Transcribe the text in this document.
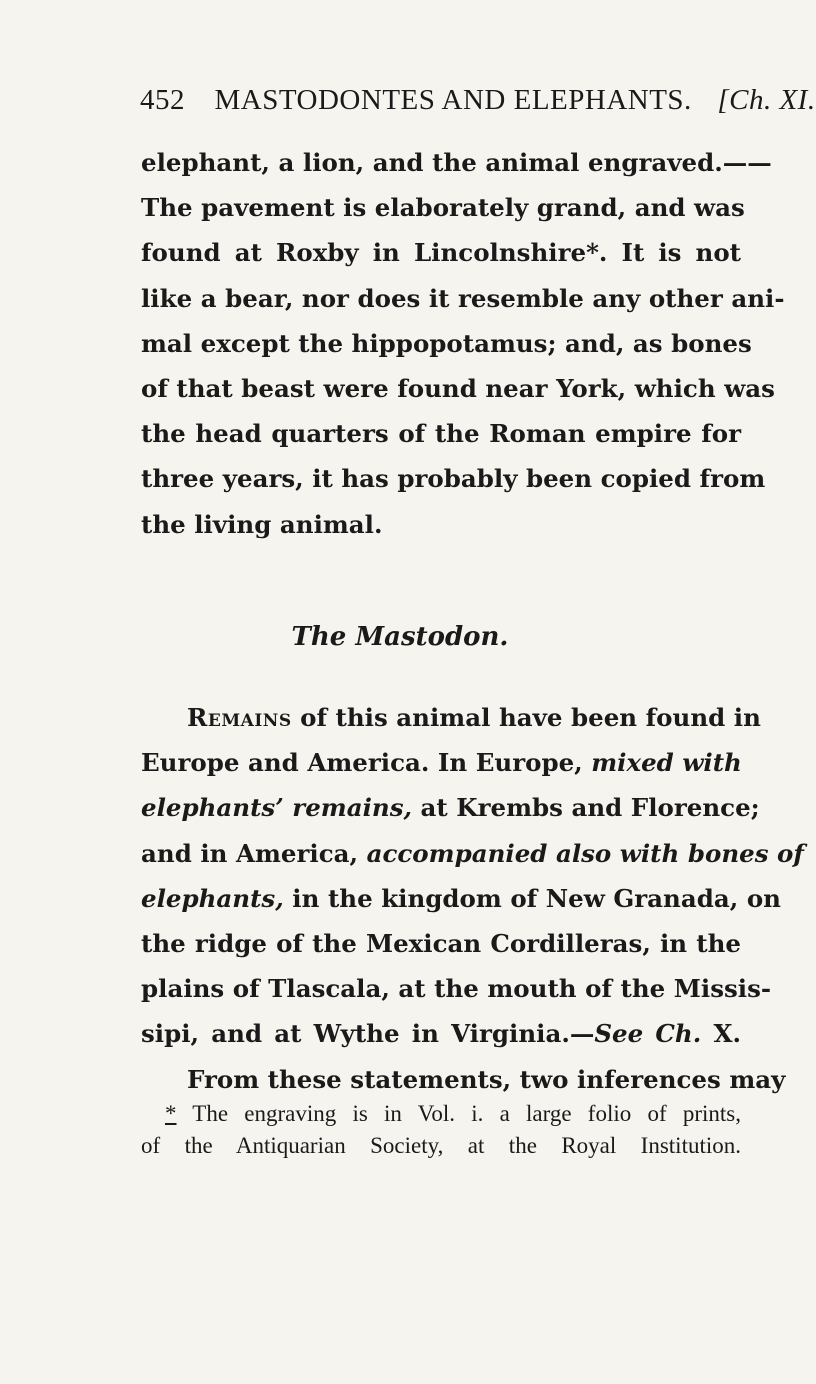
452 MASTODONTES AND ELEPHANTS. [Ch. XI.
elephant, a lion, and the animal engraved.——
The pavement is elaborately grand, and was
found at Roxby in Lincolnshire*. It is not
like a bear, nor does it resemble any other ani-
mal except the hippopotamus; and, as bones
of that beast were found near York, which was
the head quarters of the Roman empire for
three years, it has probably been copied from
the living animal.
The Mastodon.
Remains of this animal have been found in
Europe and America. In Europe, mixed with
elephants’ remains, at Krembs and Florence;
and in America, accompanied also with bones of
elephants, in the kingdom of New Granada, on
the ridge of the Mexican Cordilleras, in the
plains of Tlascala, at the mouth of the Missis-
sipi, and at Wythe in Virginia.—See Ch. X.
From these statements, two inferences may
* The engraving is in Vol. i. a large folio of prints,
of the Antiquarian Society, at the Royal Institution.
